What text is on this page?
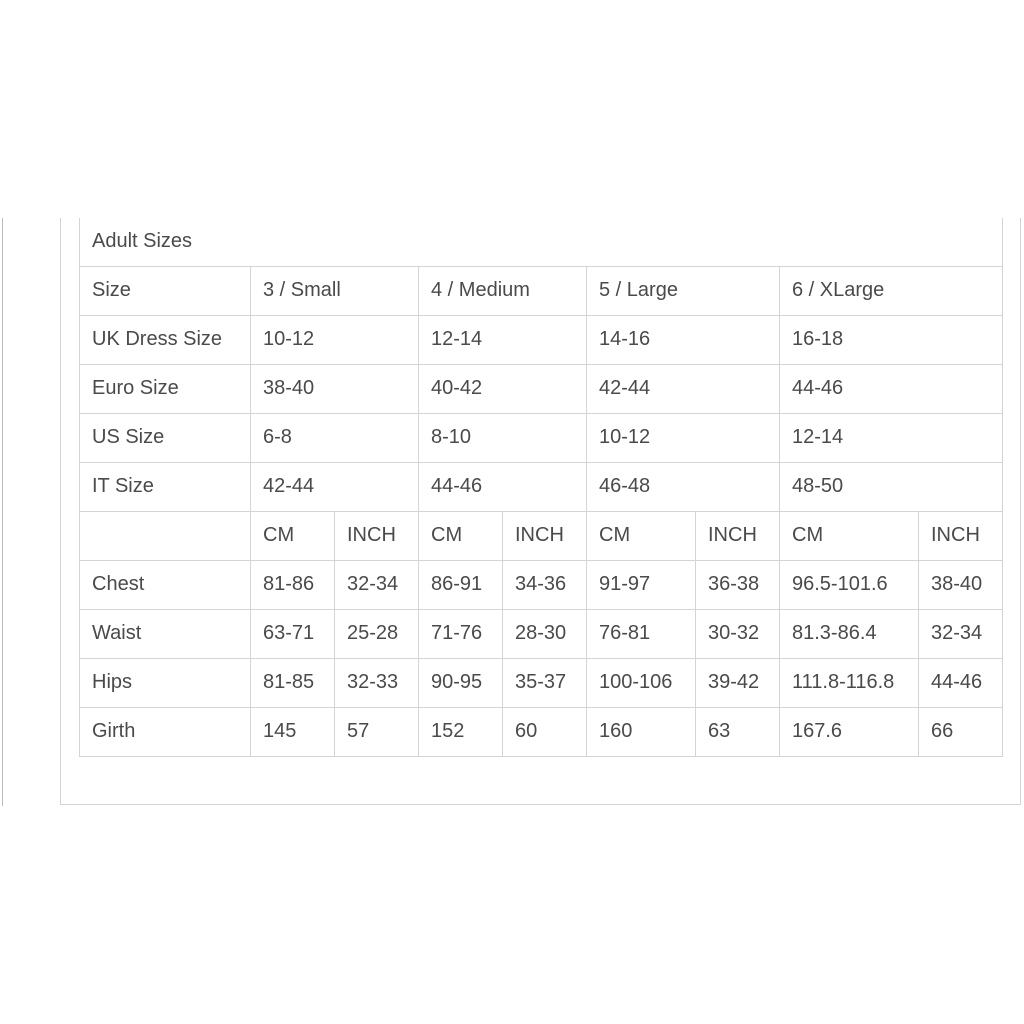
Adult Sizes								
Size	3 / Small		4 / Medium		5 / Large		6 / XLarge	
UK Dress Size	10-12		12-14		14-16		16-18	
Euro Size	38-40		40-42		42-44		44-46	
US Size	6-8		8-10		10-12		12-14	
IT Size	42-44		44-46		46-48		48-50	
	CM	INCH	CM	INCH	CM	INCH	CM	INCH
Chest	81-86	32-34	86-91	34-36	91-97	36-38	96.5-101.6	38-40
Waist	63-71	25-28	71-76	28-30	76-81	30-32	81.3-86.4	32-34
Hips	81-85	32-33	90-95	35-37	100-106	39-42	111.8-116.8	44-46
Girth	145	57	152	60	160	63	167.6	66
